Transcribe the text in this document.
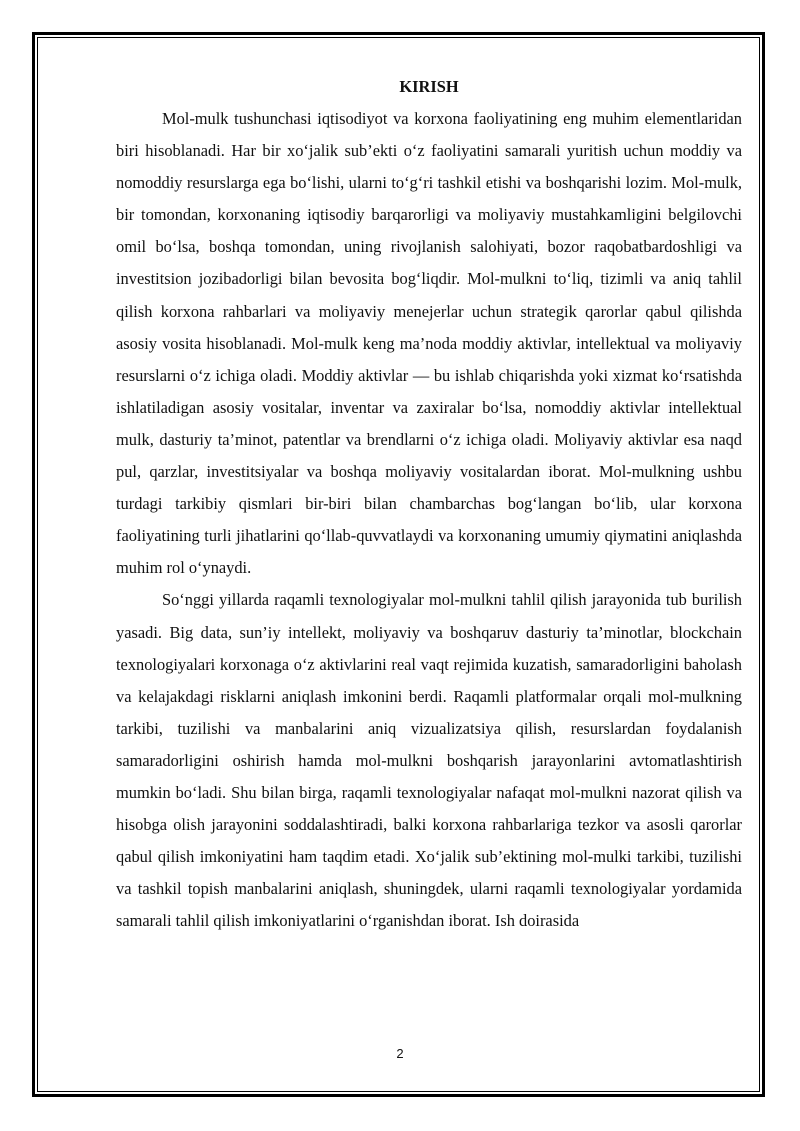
KIRISH

Mol-mulk tushunchasi iqtisodiyot va korxona faoliyatining eng muhim elementlaridan biri hisoblanadi. Har bir xo‘jalik sub’ekti o‘z faoliyatini samarali yuritish uchun moddiy va nomoddiy resurslarga ega bo‘lishi, ularni to‘g‘ri tashkil etishi va boshqarishi lozim. Mol-mulk, bir tomondan, korxonaning iqtisodiy barqarorligi va moliyaviy mustahkamligini belgilovchi omil bo‘lsa, boshqa tomondan, uning rivojlanish salohiyati, bozor raqobatbardoshligi va investitsion jozibadorligi bilan bevosita bog‘liqdir. Mol-mulkni to‘liq, tizimli va aniq tahlil qilish korxona rahbarlari va moliyaviy menejerlar uchun strategik qarorlar qabul qilishda asosiy vosita hisoblanadi. Mol-mulk keng ma’noda moddiy aktivlar, intellektual va moliyaviy resurslarni o‘z ichiga oladi. Moddiy aktivlar — bu ishlab chiqarishda yoki xizmat ko‘rsatishda ishlatiladigan asosiy vositalar, inventar va zaxiralar bo‘lsa, nomoddiy aktivlar intellektual mulk, dasturiy ta’minot, patentlar va brendlarni o‘z ichiga oladi. Moliyaviy aktivlar esa naqd pul, qarzlar, investitsiyalar va boshqa moliyaviy vositalardan iborat. Mol-mulkning ushbu turdagi tarkibiy qismlari bir-biri bilan chambarchas bog‘langan bo‘lib, ular korxona faoliyatining turli jihatlarini qo‘llab-quvvatlaydi va korxonaning umumiy qiymatini aniqlashda muhim rol o‘ynaydi.

So‘nggi yillarda raqamli texnologiyalar mol-mulkni tahlil qilish jarayonida tub burilish yasadi. Big data, sun’iy intellekt, moliyaviy va boshqaruv dasturiy ta’minotlar, blockchain texnologiyalari korxonaga o‘z aktivlarini real vaqt rejimida kuzatish, samaradorligini baholash va kelajakdagi risklarni aniqlash imkonini berdi. Raqamli platformalar orqali mol-mulkning tarkibi, tuzilishi va manbalarini aniq vizualizatsiya qilish, resurslardan foydalanish samaradorligini oshirish hamda mol-mulkni boshqarish jarayonlarini avtomatlashtirish mumkin bo‘ladi. Shu bilan birga, raqamli texnologiyalar nafaqat mol-mulkni nazorat qilish va hisobga olish jarayonini soddalashtiradi, balki korxona rahbarlariga tezkor va asosli qarorlar qabul qilish imkoniyatini ham taqdim etadi. Xo‘jalik sub’ektining mol-mulki tarkibi, tuzilishi va tashkil topish manbalarini aniqlash, shuningdek, ularni raqamli texnologiyalar yordamida samarali tahlil qilish imkoniyatlarini o‘rganishdan iborat. Ish doirasida

2
